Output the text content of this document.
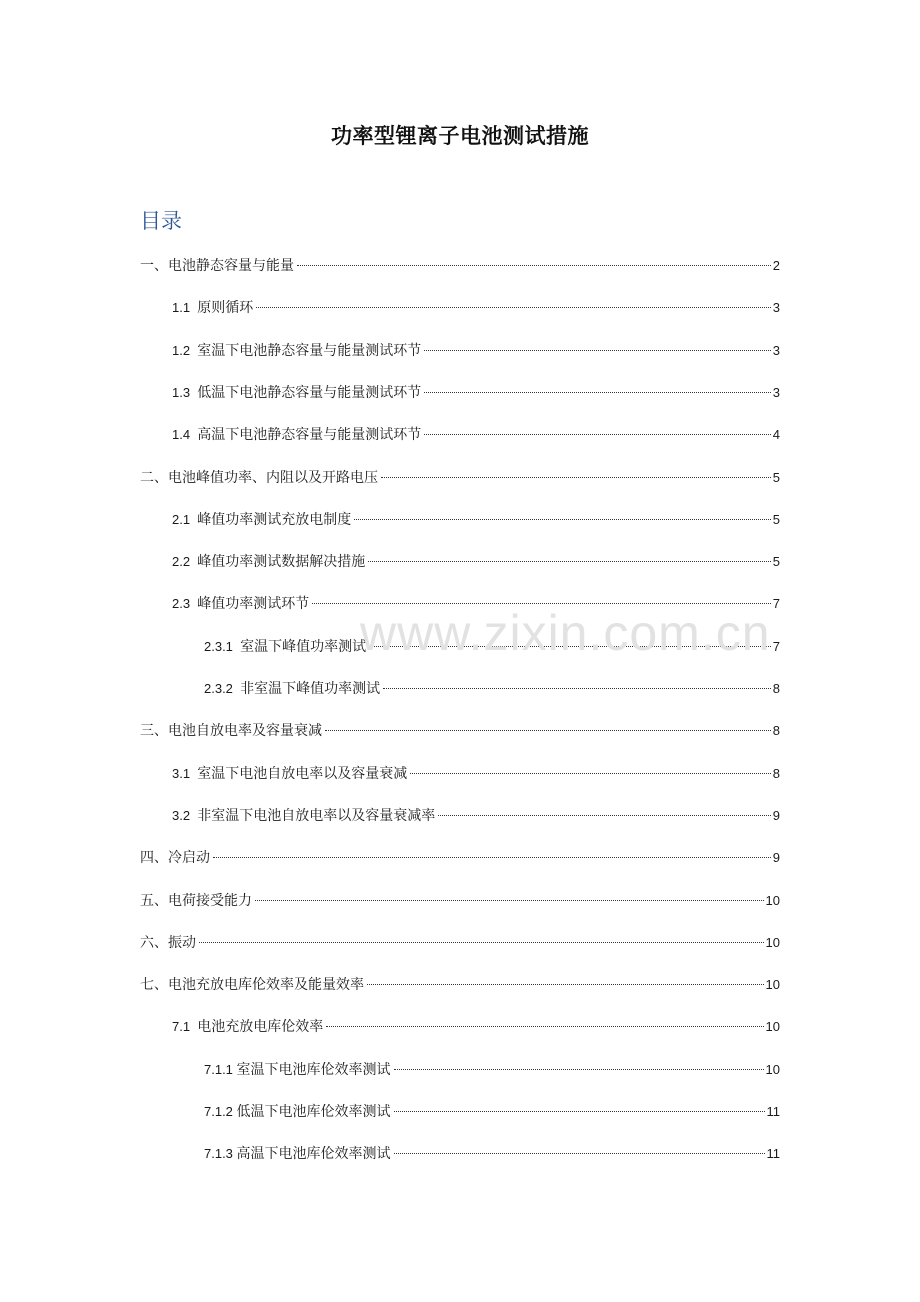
功率型锂离子电池测试措施
目录
一、电池静态容量与能量	2
1.1 原则循环	3
1.2 室温下电池静态容量与能量测试环节	3
1.3 低温下电池静态容量与能量测试环节	3
1.4 高温下电池静态容量与能量测试环节	4
二、电池峰值功率、内阻以及开路电压	5
2.1 峰值功率测试充放电制度	5
2.2 峰值功率测试数据解决措施	5
2.3 峰值功率测试环节	7
2.3.1 室温下峰值功率测试	7
2.3.2 非室温下峰值功率测试	8
三、电池自放电率及容量衰减	8
3.1 室温下电池自放电率以及容量衰减	8
3.2 非室温下电池自放电率以及容量衰减率	9
四、冷启动	9
五、电荷接受能力	10
六、振动	10
七、电池充放电库伦效率及能量效率	10
7.1 电池充放电库伦效率	10
7.1.1 室温下电池库伦效率测试	10
7.1.2 低温下电池库伦效率测试	11
7.1.3 高温下电池库伦效率测试	11
www.zixin.com.cn
